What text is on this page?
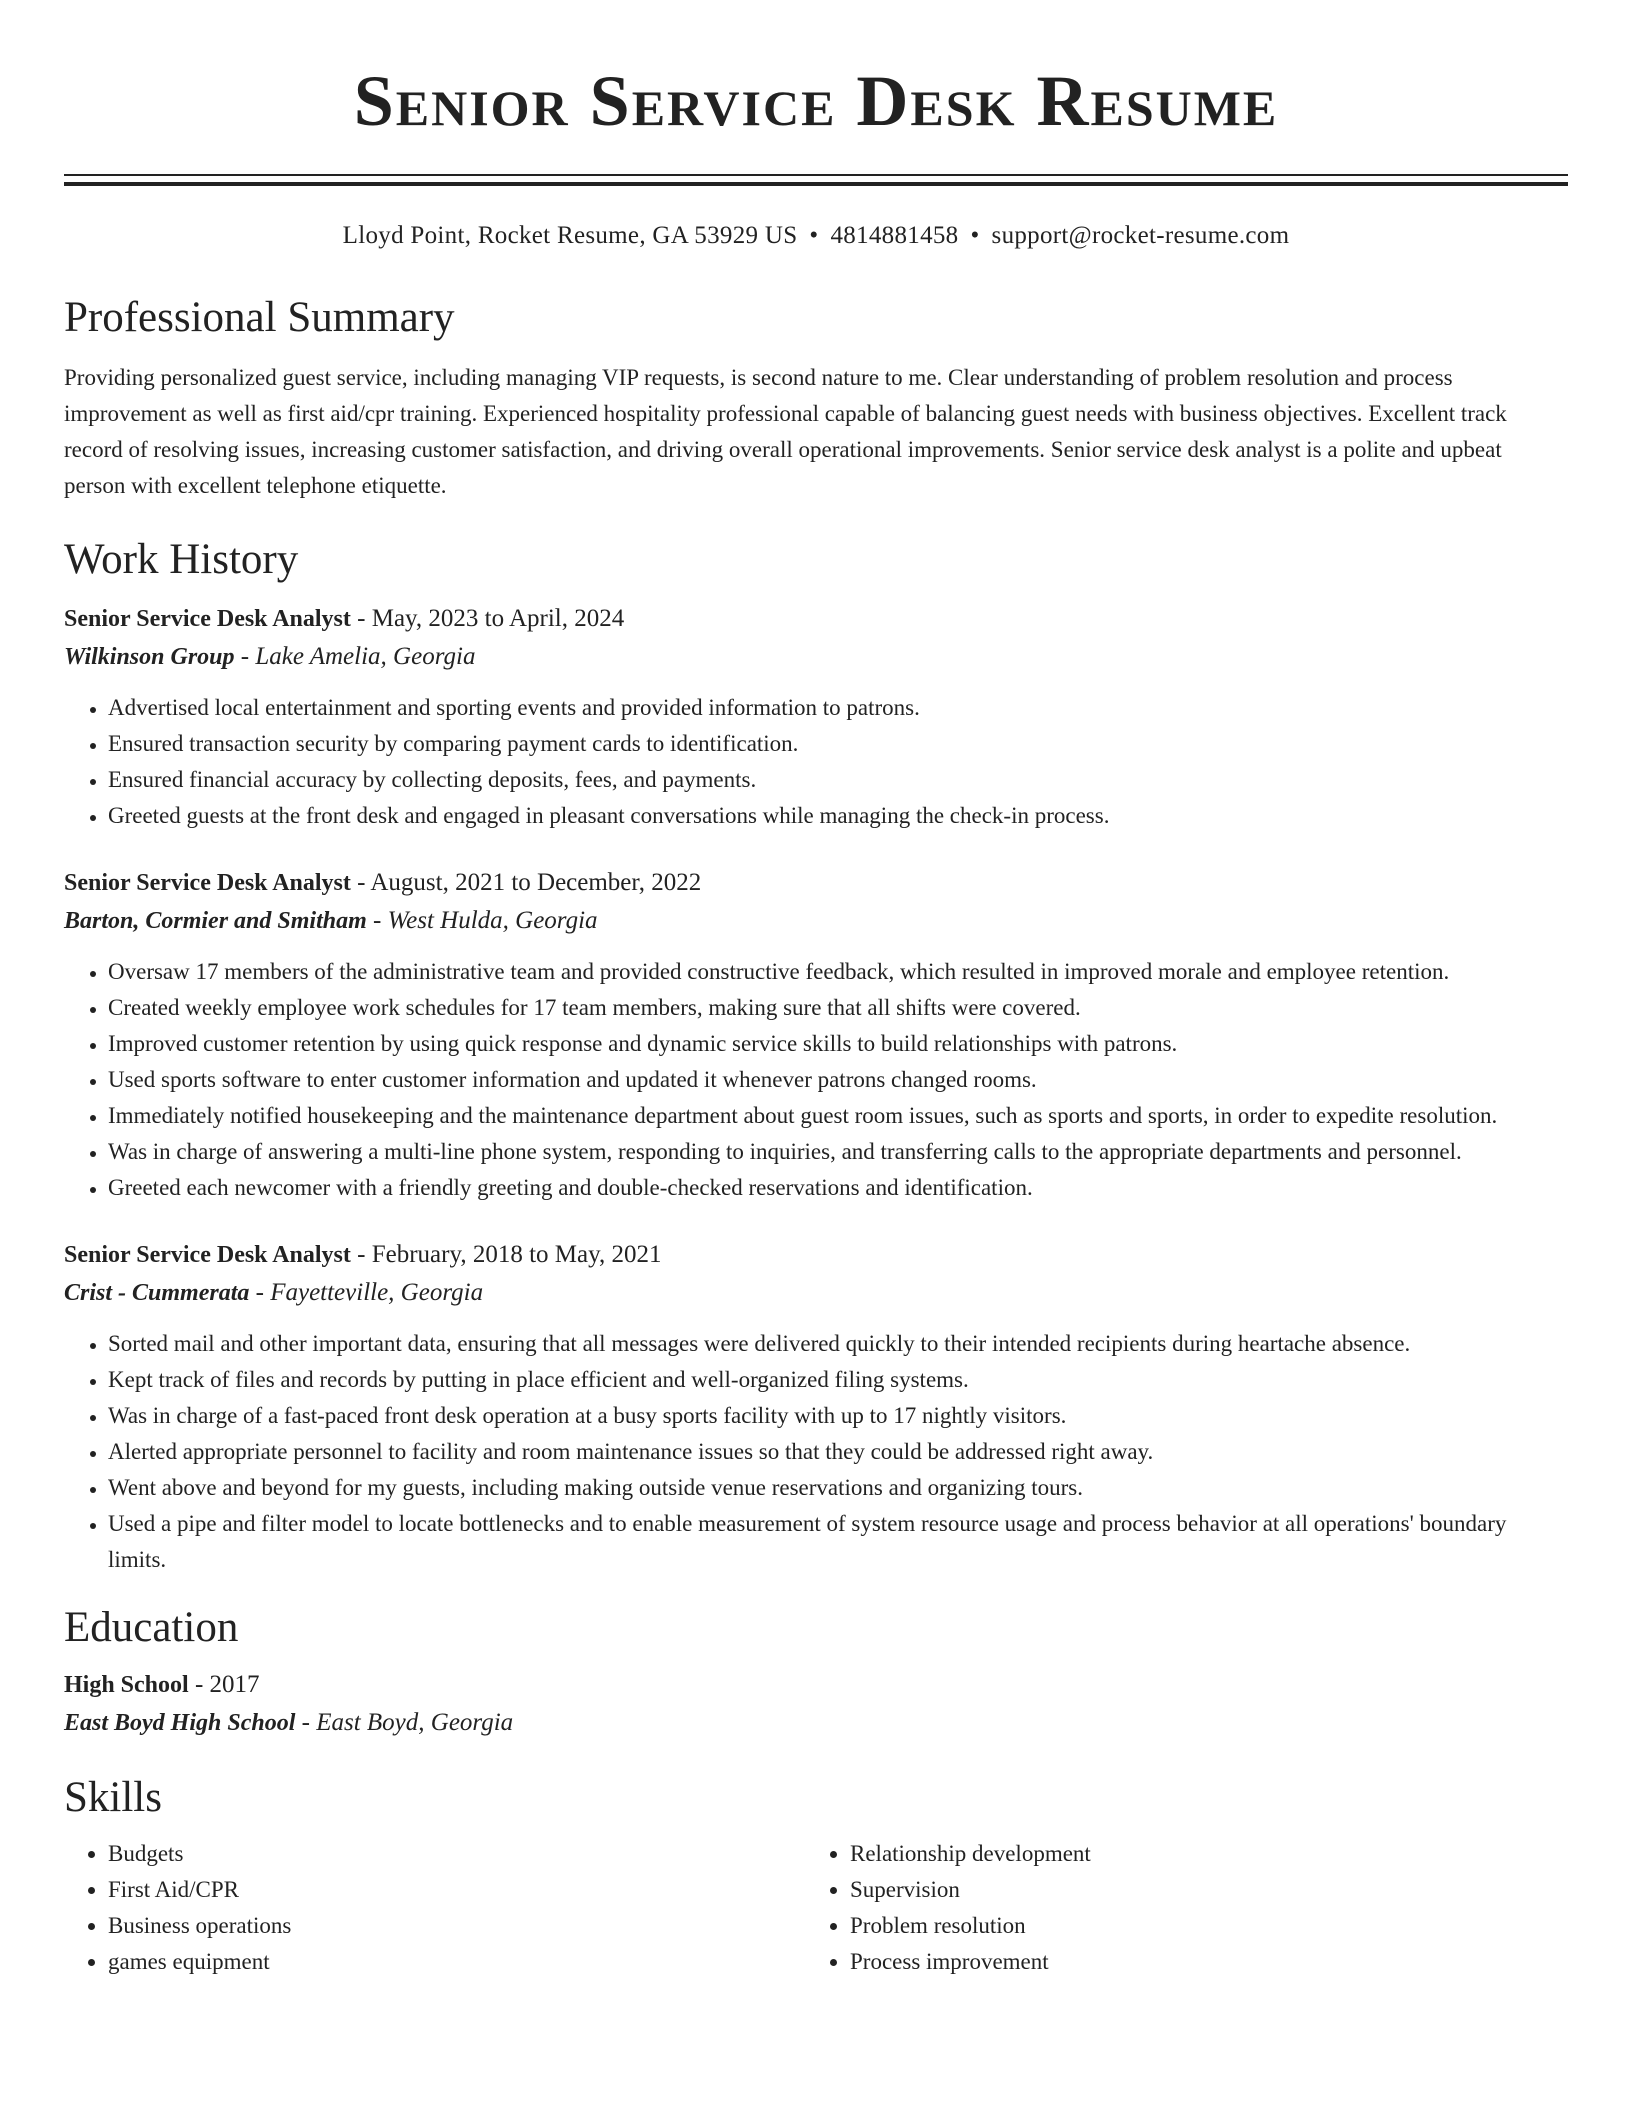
Senior Service Desk Resume
Lloyd Point, Rocket Resume, GA 53929 US • 4814881458 • support@rocket-resume.com
Professional Summary

Providing personalized guest service, including managing VIP requests, is second nature to me. Clear understanding of problem resolution and process improvement as well as first aid/cpr training. Experienced hospitality professional capable of balancing guest needs with business objectives. Excellent track record of resolving issues, increasing customer satisfaction, and driving overall operational improvements. Senior service desk analyst is a polite and upbeat person with excellent telephone etiquette.

Work History
Senior Service Desk Analyst - May, 2023 to April, 2024
Wilkinson Group - Lake Amelia, Georgia
• Advertised local entertainment and sporting events and provided information to patrons.
• Ensured transaction security by comparing payment cards to identification.
• Ensured financial accuracy by collecting deposits, fees, and payments.
• Greeted guests at the front desk and engaged in pleasant conversations while managing the check-in process.
Senior Service Desk Analyst - August, 2021 to December, 2022
Barton, Cormier and Smitham - West Hulda, Georgia
• Oversaw 17 members of the administrative team and provided constructive feedback, which resulted in improved morale and employee retention.
• Created weekly employee work schedules for 17 team members, making sure that all shifts were covered.
• Improved customer retention by using quick response and dynamic service skills to build relationships with patrons.
• Used sports software to enter customer information and updated it whenever patrons changed rooms.
• Immediately notified housekeeping and the maintenance department about guest room issues, such as sports and sports, in order to expedite resolution.
• Was in charge of answering a multi-line phone system, responding to inquiries, and transferring calls to the appropriate departments and personnel.
• Greeted each newcomer with a friendly greeting and double-checked reservations and identification.
Senior Service Desk Analyst - February, 2018 to May, 2021
Crist - Cummerata - Fayetteville, Georgia
• Sorted mail and other important data, ensuring that all messages were delivered quickly to their intended recipients during heartache absence.
• Kept track of files and records by putting in place efficient and well-organized filing systems.
• Was in charge of a fast-paced front desk operation at a busy sports facility with up to 17 nightly visitors.
• Alerted appropriate personnel to facility and room maintenance issues so that they could be addressed right away.
• Went above and beyond for my guests, including making outside venue reservations and organizing tours.
• Used a pipe and filter model to locate bottlenecks and to enable measurement of system resource usage and process behavior at all operations' boundary limits.
Education
High School - 2017
East Boyd High School - East Boyd, Georgia
Skills
• Budgets
• First Aid/CPR
• Business operations
• games equipment
• Relationship development
• Supervision
• Problem resolution
• Process improvement
